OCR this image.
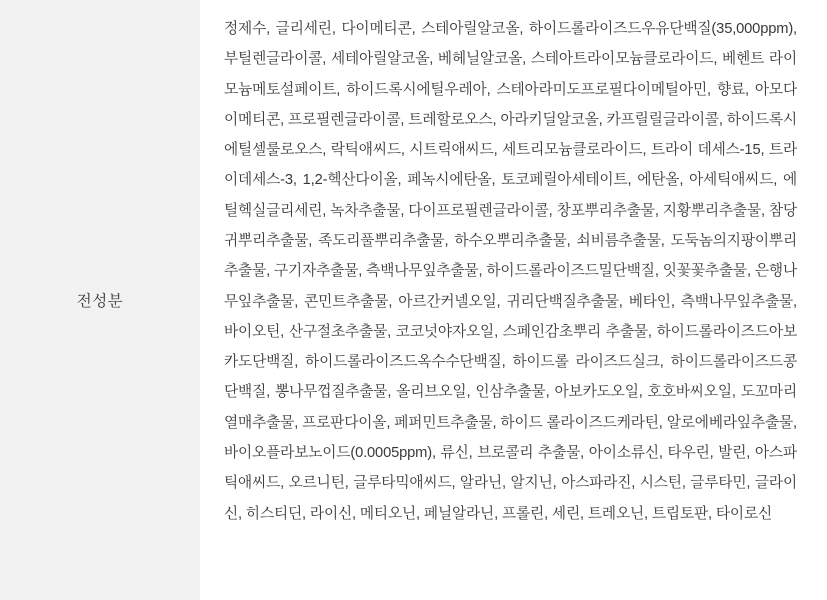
전성분
정제수, 글리세린, 다이메티콘, 스테아릴알코올, 하이드롤라이즈드우유단백질(35,000ppm), 부틸렌글라이콜, 세테아릴알코올, 베헤닐알코올, 스테아트라이모늄클로라이드, 베헨트 라이모늄메토설페이트, 하이드록시에틸우레아, 스테아라미도프로필다이메틸아민, 향료, 아모다이메티콘, 프로필렌글라이콜, 트레할로오스, 아라키딜알코올, 카프릴릴글라이콜, 하이드록시에틸셀룰로오스, 락틱애씨드, 시트릭애씨드, 세트리모늄클로라이드, 트라이 데세스-15, 트라이데세스-3, 1,2-헥산다이올, 페녹시에탄올, 토코페릴아세테이트, 에탄올, 아세틱애씨드, 에틸헥실글리세린, 녹차추출물, 다이프로필렌글라이콜, 창포뿌리추출물, 지황뿌리추출물, 참당귀뿌리추출물, 족도리풀뿌리추출물, 하수오뿌리추출물, 쇠비름추출물, 도둑놈의지팡이뿌리추출물, 구기자추출물, 측백나무잎추출물, 하이드롤라이즈드밀단백질, 잇꽃꽃추출물, 은행나무잎추출물, 콘민트추출물, 아르간커넬오일, 귀리단백질추출물, 베타인, 측백나무잎추출물, 바이오틴, 산구절초추출물, 코코넛야자오일, 스페인감초뿌리 추출물, 하이드롤라이즈드아보카도단백질, 하이드롤라이즈드옥수수단백질, 하이드롤 라이즈드실크, 하이드롤라이즈드콩단백질, 뽕나무껍질추출물, 올리브오일, 인삼추출물, 아보카도오일, 호호바씨오일, 도꼬마리열매추출물, 프로판다이올, 페퍼민트추출물, 하이드 롤라이즈드케라틴, 알로에베라잎추출물, 바이오플라보노이드(0.0005ppm), 류신, 브로콜리 추출물, 아이소류신, 타우린, 발린, 아스파틱애씨드, 오르니틴, 글루타믹애씨드, 알라닌, 알지닌, 아스파라진, 시스틴, 글루타민, 글라이신, 히스티딘, 라이신, 메티오닌, 페닐알라닌, 프롤린, 세린, 트레오닌, 트립토판, 타이로신
